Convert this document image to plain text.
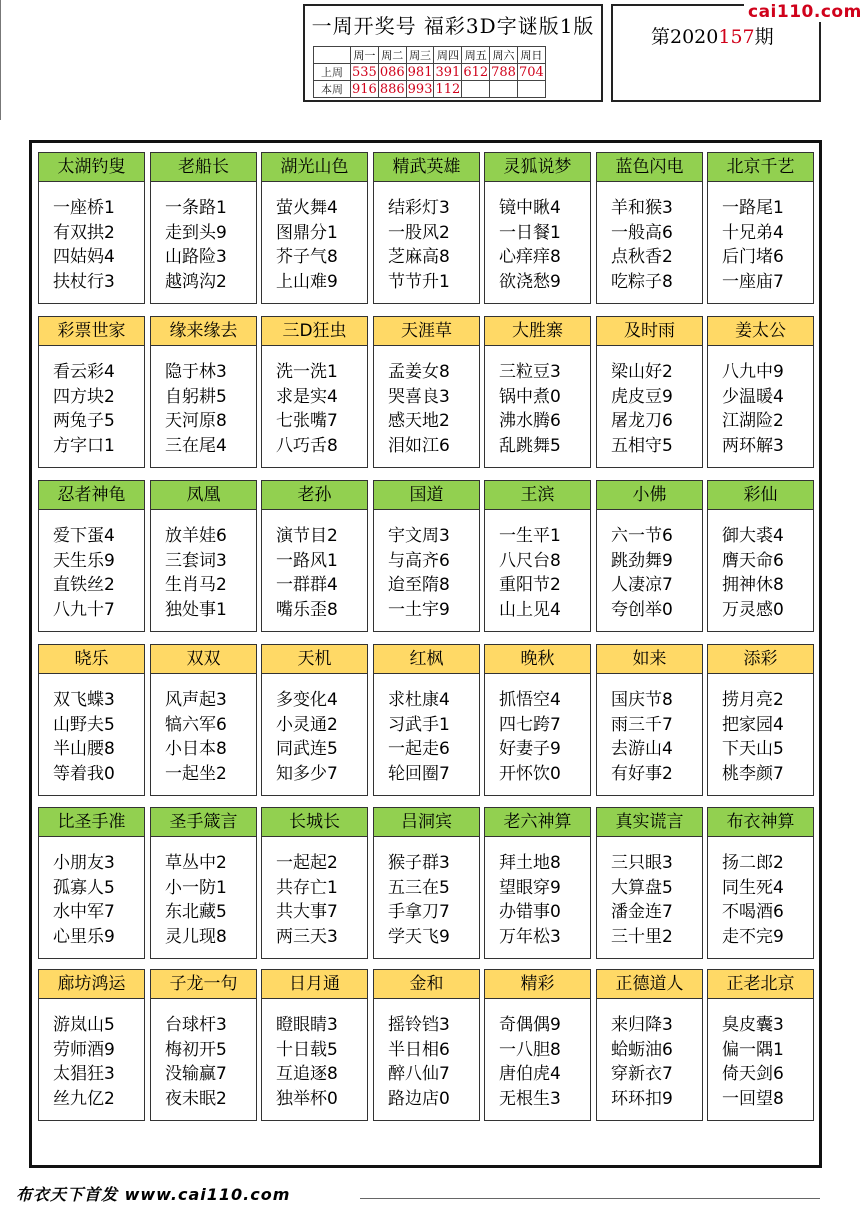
一周开奖号 福彩3D字谜版1版
	周一	周二	周三	周四	周五	周六	周日
上周	535	086	981	391	612	788	704
本周	916	886	993	112			
第2020157期
cai110.com
太湖钓叟
一座桥1
有双拱2
四姑妈4
扶杖行3
老船长
一条路1
走到头9
山路险3
越鸿沟2
湖光山色
萤火舞4
图鼎分1
芥子气8
上山难9
精武英雄
结彩灯3
一股风2
芝麻高8
节节升1
灵狐说梦
镜中瞅4
一日餐1
心痒痒8
欲浇愁9
蓝色闪电
羊和猴3
一般高6
点秋香2
吃粽子8
北京千艺
一路尾1
十兄弟4
后门堵6
一座庙7
彩票世家
看云彩4
四方块2
两兔子5
方字口1
缘来缘去
隐于林3
自躬耕5
天河原8
三在尾4
三D狂虫
洗一洗1
求是实4
七张嘴7
八巧舌8
天涯草
孟姜女8
哭喜良3
感天地2
泪如江6
大胜寨
三粒豆3
锅中煮0
沸水腾6
乱跳舞5
及时雨
梁山好2
虎皮豆9
屠龙刀6
五相守5
姜太公
八九中9
少温暖4
江湖险2
两环解3
忍者神龟
爱下蛋4
天生乐9
直铁丝2
八九十7
凤凰
放羊娃6
三套词3
生肖马2
独处事1
老孙
演节目2
一路风1
一群群4
嘴乐歪8
国道
宇文周3
与高齐6
迨至隋8
一土宇9
王滨
一生平1
八尺台8
重阳节2
山上见4
小佛
六一节6
跳劲舞9
人凄凉7
夸创举0
彩仙
御大裘4
膺天命6
拥神休8
万灵感0
晓乐
双飞蝶3
山野夫5
半山腰8
等着我0
双双
风声起3
犒六军6
小日本8
一起坐2
天机
多变化4
小灵通2
同武连5
知多少7
红枫
求杜康4
习武手1
一起走6
轮回圈7
晚秋
抓悟空4
四七跨7
好妻子9
开怀饮0
如来
国庆节8
雨三千7
去游山4
有好事2
添彩
捞月亮2
把家园4
下天山5
桃李颜7
比圣手准
小朋友3
孤寡人5
水中军7
心里乐9
圣手箴言
草丛中2
小一防1
东北藏5
灵儿现8
长城长
一起起2
共存亡1
共大事7
两三天3
吕洞宾
猴子群3
五三在5
手拿刀7
学天飞9
老六神算
拜土地8
望眼穿9
办错事0
万年松3
真实谎言
三只眼3
大算盘5
潘金连7
三十里2
布衣神算
扬二郎2
同生死4
不喝酒6
走不完9
廊坊鸿运
游岚山5
劳师酒9
太猖狂3
丝九亿2
子龙一句
台球杆3
梅初开5
没输赢7
夜未眠2
日月通
瞪眼睛3
十日载5
互追逐8
独举杯0
金和
摇铃铛3
半日相6
醉八仙7
路边店0
精彩
奇偶偶9
一八胆8
唐伯虎4
无根生3
正德道人
来归降3
蛤蛎油6
穿新衣7
环环扣9
正老北京
臭皮囊3
偏一隅1
倚天剑6
一回望8
布衣天下首发 www.cai110.com
